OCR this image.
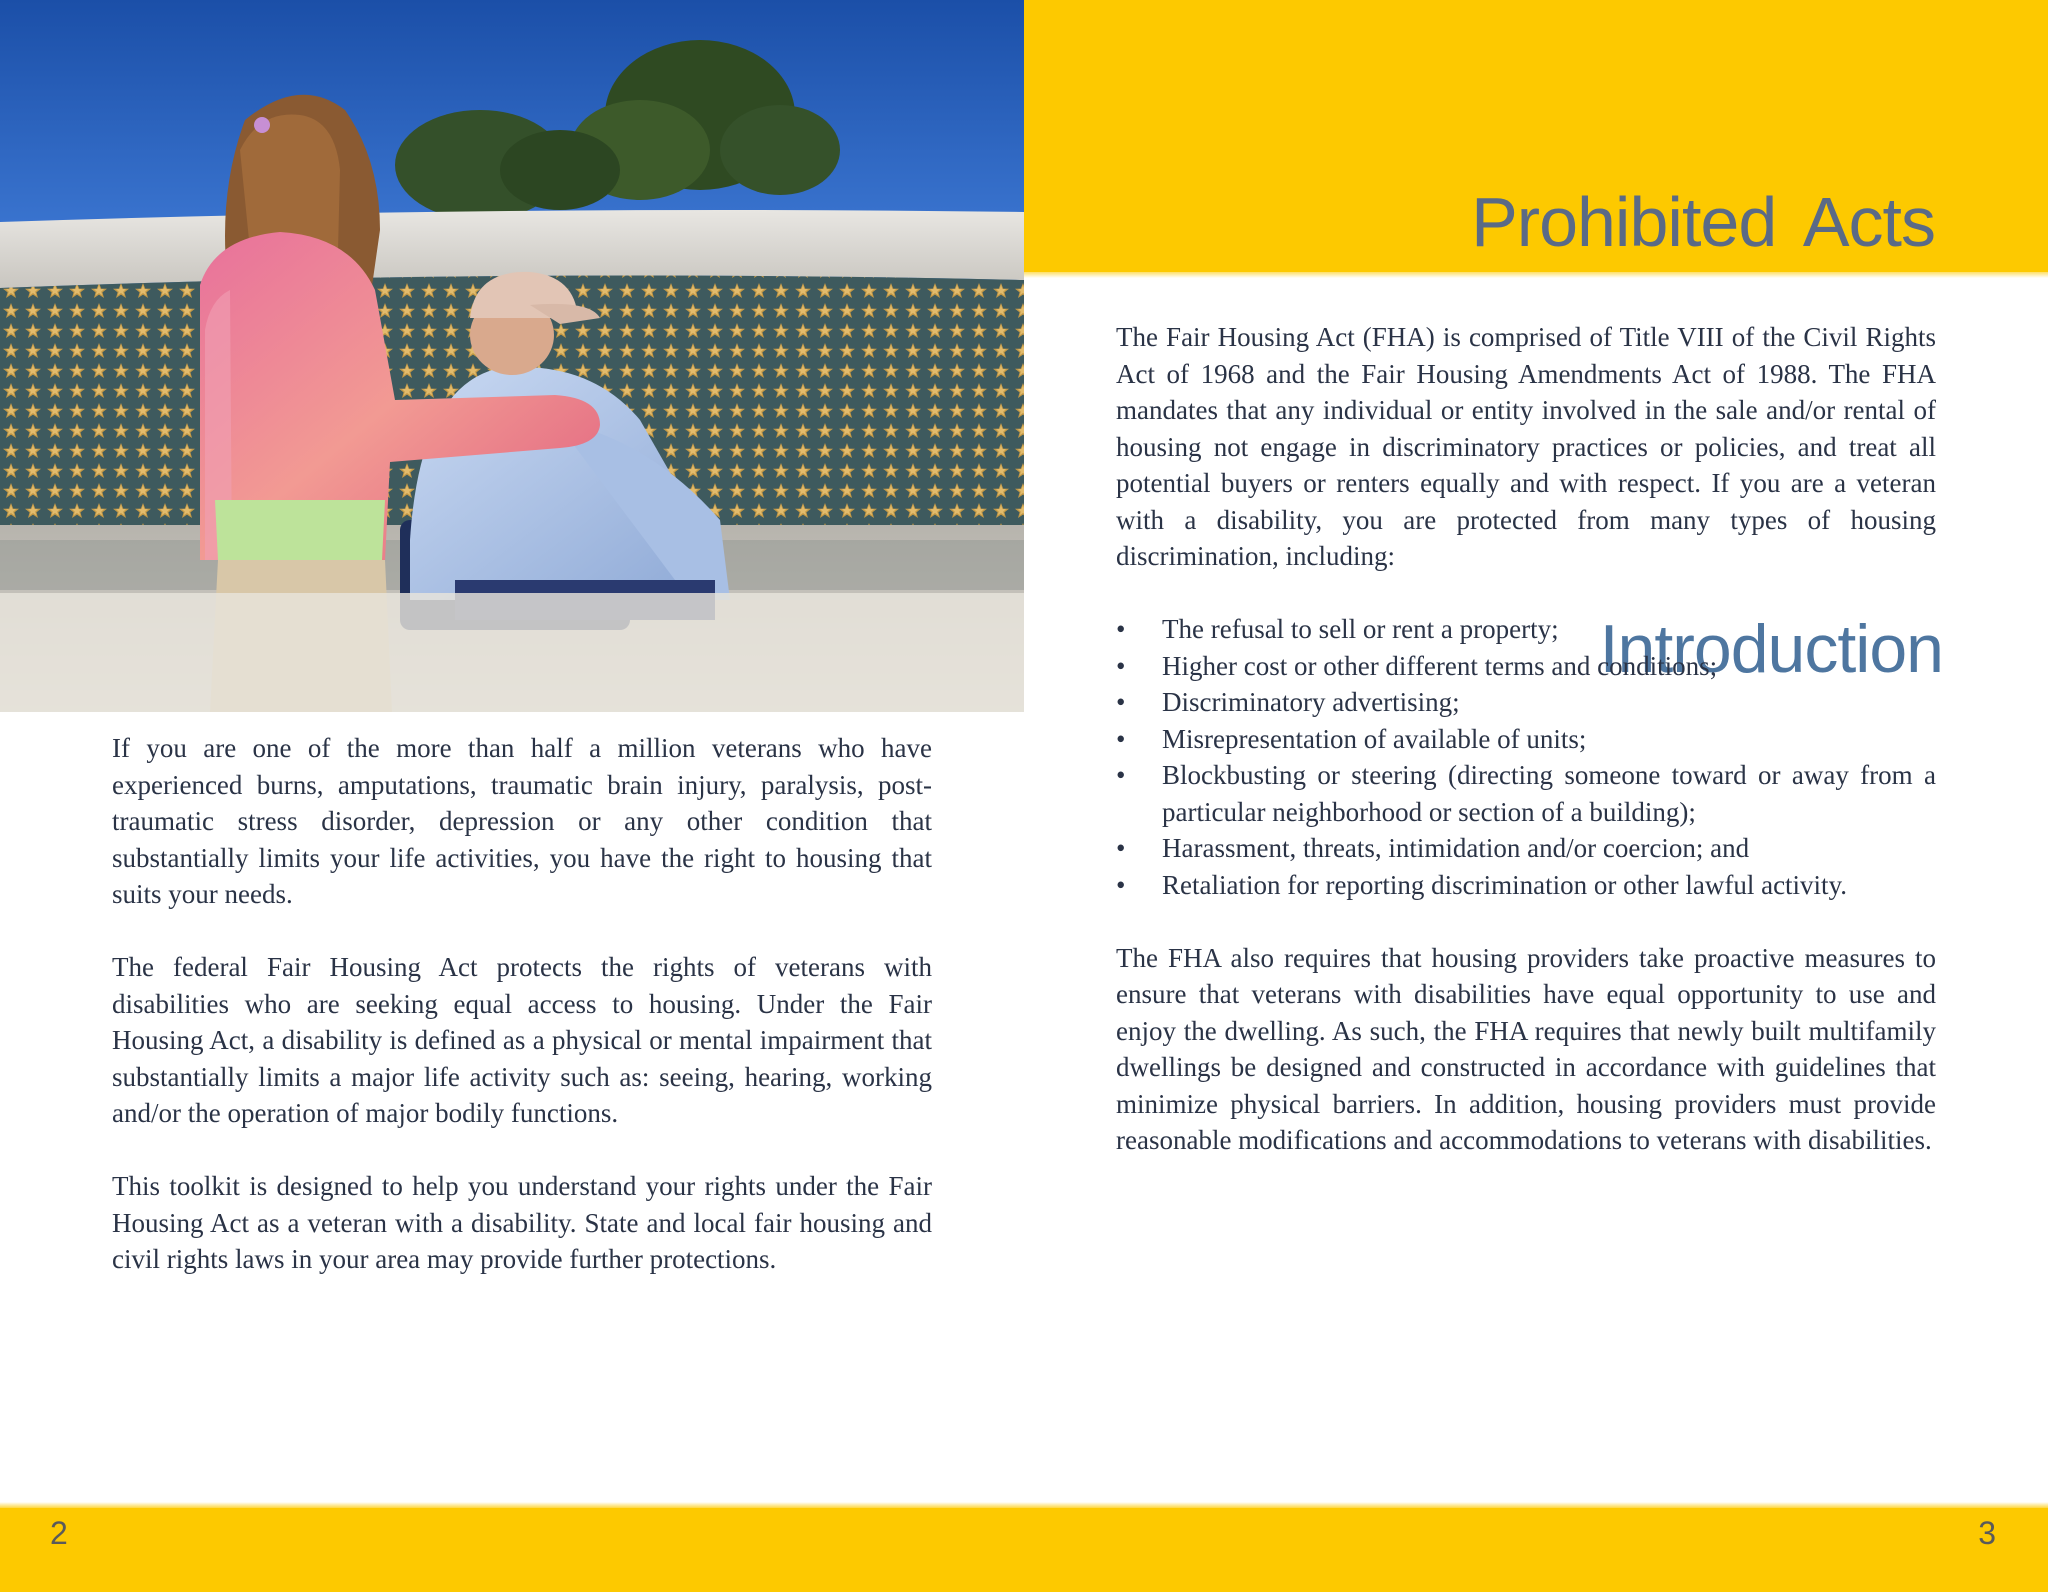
Introduction
Prohibited Acts

If you are one of the more than half a million veterans who have experienced burns, amputations, traumatic brain injury, paralysis, post-traumatic stress disorder, depression or any other condition that substantially limits your life activities, you have the right to housing that suits your needs.

The federal Fair Housing Act protects the rights of veterans with disabilities who are seeking equal access to housing. Under the Fair Housing Act, a disability is defined as a physical or mental impairment that substantially limits a major life activity such as: seeing, hearing, working and/or the operation of major bodily functions.

This toolkit is designed to help you understand your rights under the Fair Housing Act as a veteran with a disability. State and local fair housing and civil rights laws in your area may provide further protections.

The Fair Housing Act (FHA) is comprised of Title VIII of the Civil Rights Act of 1968 and the Fair Housing Amendments Act of 1988. The FHA mandates that any individual or entity involved in the sale and/or rental of housing not engage in discriminatory practices or policies, and treat all potential buyers or renters equally and with respect. If you are a veteran with a disability, you are protected from many types of housing discrimination, including:

• The refusal to sell or rent a property;
• Higher cost or other different terms and conditions;
• Discriminatory advertising;
• Misrepresentation of available of units;
• Blockbusting or steering (directing someone toward or away from a particular neighborhood or section of a building);
• Harassment, threats, intimidation and/or coercion; and
• Retaliation for reporting discrimination or other lawful activity.

The FHA also requires that housing providers take proactive measures to ensure that veterans with disabilities have equal opportunity to use and enjoy the dwelling. As such, the FHA requires that newly built multifamily dwellings be designed and constructed in accordance with guidelines that minimize physical barriers. In addition, housing providers must provide reasonable modifications and accommodations to veterans with disabilities.

2	3
